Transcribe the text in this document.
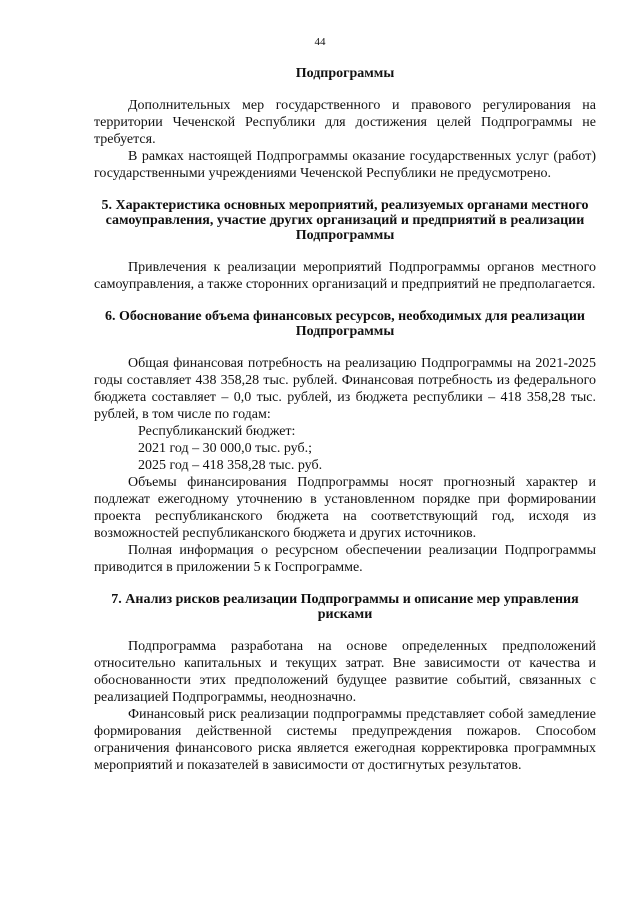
44
Подпрограммы

Дополнительных мер государственного и правового регулирования на территории Чеченской Республики для достижения целей Подпрограммы не требуется.

В рамках настоящей Подпрограммы оказание государственных услуг (работ) государственными учреждениями Чеченской Республики не предусмотрено.

5. Характеристика основных мероприятий, реализуемых органами местного самоуправления, участие других организаций и предприятий в реализации Подпрограммы

Привлечения к реализации мероприятий Подпрограммы органов местного самоуправления, а также сторонних организаций и предприятий не предполагается.

6. Обоснование объема финансовых ресурсов, необходимых для реализации Подпрограммы

Общая финансовая потребность на реализацию Подпрограммы на 2021-2025 годы составляет 438 358,28 тыс. рублей. Финансовая потребность из федерального бюджета составляет – 0,0 тыс. рублей, из бюджета республики – 418 358,28 тыс. рублей, в том числе по годам:

Республиканский бюджет:

2021 год – 30 000,0 тыс. руб.;

2025 год – 418 358,28 тыс. руб.

Объемы финансирования Подпрограммы носят прогнозный характер и подлежат ежегодному уточнению в установленном порядке при формировании проекта республиканского бюджета на соответствующий год, исходя из возможностей республиканского бюджета и других источников.

Полная информация о ресурсном обеспечении реализации Подпрограммы приводится в приложении 5 к Госпрограмме.

7. Анализ рисков реализации Подпрограммы и описание мер управления рисками

Подпрограмма разработана на основе определенных предположений относительно капитальных и текущих затрат. Вне зависимости от качества и обоснованности этих предположений будущее развитие событий, связанных с реализацией Подпрограммы, неоднозначно.

Финансовый риск реализации подпрограммы представляет собой замедление формирования действенной системы предупреждения пожаров. Способом ограничения финансового риска является ежегодная корректировка программных мероприятий и показателей в зависимости от достигнутых результатов.
